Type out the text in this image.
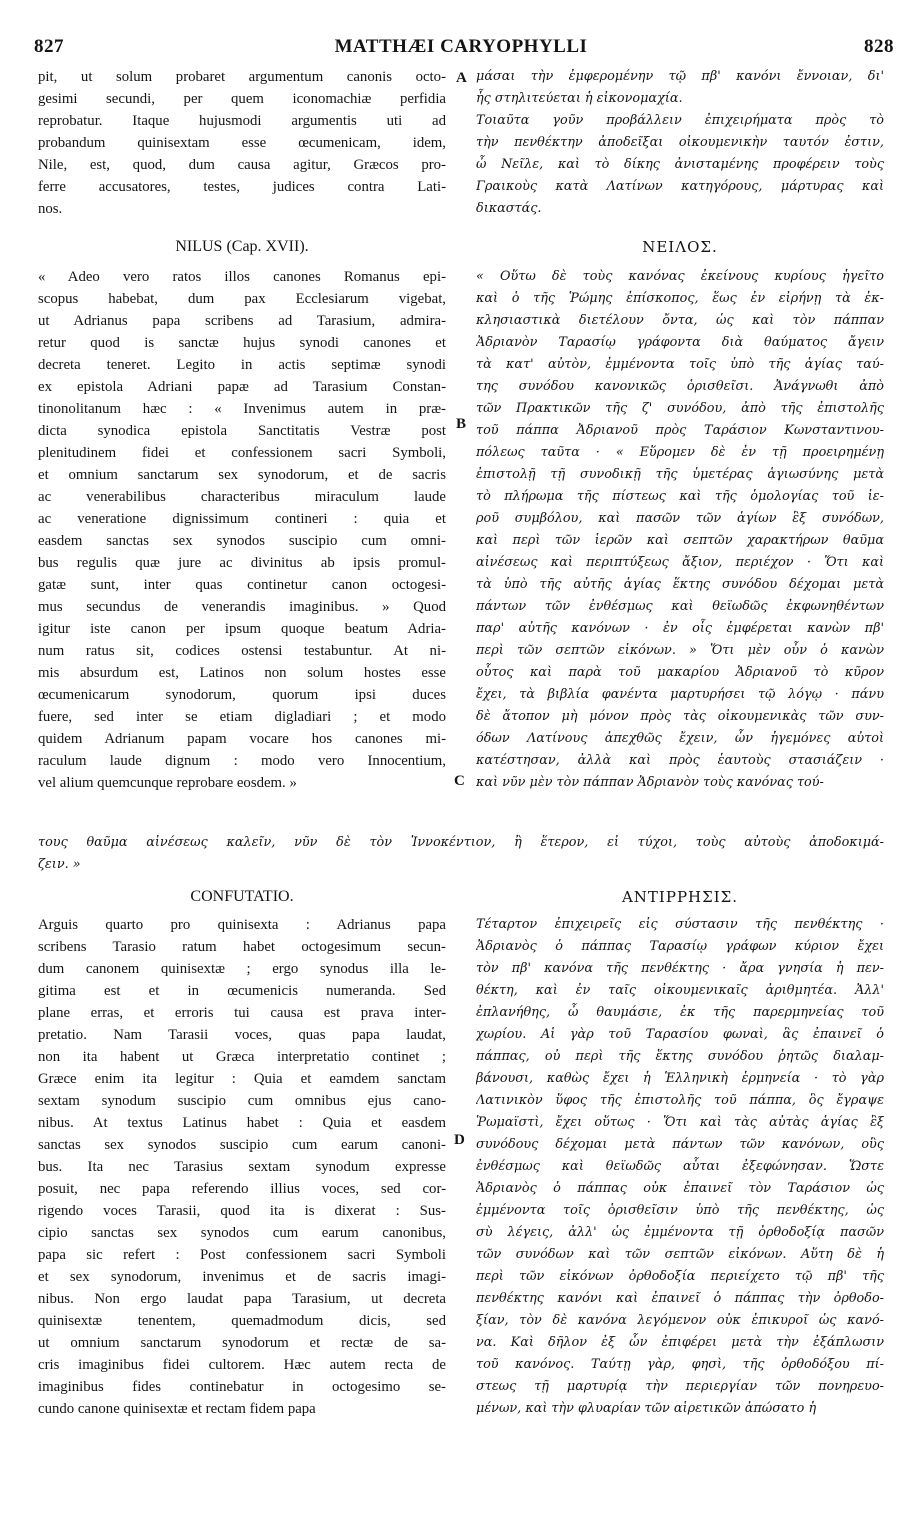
827	MATTHÆI CARYOPHYLLI	828
A
B
C
D
pit, ut solum probaret argumentum canonis octo-
gesimi secundi, per quem iconomachiæ perfidia
reprobatur. Itaque hujusmodi argumentis uti ad
probandum quinisextam esse œcumenicam, idem,
Nile, est, quod, dum causa agitur, Græcos pro-
ferre accusatores, testes, judices contra Lati-
nos.
μάσαι τὴν ἐμφερομένην τῷ πβ' κανόνι ἔννοιαν, δι'
ἧς στηλιτεύεται ἡ εἰκονομαχία.
Τοιαῦτα γοῦν προβάλλειν ἐπιχειρήματα πρὸς τὸ
τὴν πενθέκτην ἀποδεῖξαι οἰκουμενικὴν ταυτόν ἐστιν,
ὦ Νεῖλε, καὶ τὸ δίκης ἀνισταμένης προφέρειν τοὺς
Γραικοὺς κατὰ Λατίνων κατηγόρους, μάρτυρας καὶ
δικαστάς.
NILUS (Cap. XVII).	ΝΕΙΛΟΣ.
« Adeo vero ratos illos canones Romanus epi-
scopus habebat, dum pax Ecclesiarum vigebat,
ut Adrianus papa scribens ad Tarasium, admira-
retur quod is sanctæ hujus synodi canones et
decreta teneret. Legito in actis septimæ synodi
ex epistola Adriani papæ ad Tarasium Constan-
tinonolitanum hæc : « Invenimus autem in præ-
dicta synodica epistola Sanctitatis Vestræ post
plenitudinem fidei et confessionem sacri Symboli,
et omnium sanctarum sex synodorum, et de sacris
ac venerabilibus characteribus miraculum laude
ac veneratione dignissimum contineri : quia et
easdem sanctas sex synodos suscipio cum omni-
bus regulis quæ jure ac divinitus ab ipsis promul-
gatæ sunt, inter quas continetur canon octogesi-
mus secundus de venerandis imaginibus. » Quod
igitur iste canon per ipsum quoque beatum Adria-
num ratus sit, codices ostensi testabuntur. At ni-
mis absurdum est, Latinos non solum hostes esse
œcumenicarum synodorum, quorum ipsi duces
fuere, sed inter se etiam digladiari ; et modo
quidem Adrianum papam vocare hos canones mi-
raculum laude dignum : modo vero Innocentium,
vel alium quemcunque reprobare eosdem. »
« Οὕτω δὲ τοὺς κανόνας ἐκείνους κυρίους ἡγεῖτο
καὶ ὁ τῆς Ῥώμης ἐπίσκοπος, ἕως ἐν εἰρήνῃ τὰ ἐκ-
κλησιαστικὰ διετέλουν ὄντα, ὡς καὶ τὸν πάππαν
Ἀδριανὸν Ταρασίῳ γράφοντα διὰ θαύματος ἄγειν
τὰ κατ' αὐτὸν, ἐμμένοντα τοῖς ὑπὸ τῆς ἁγίας ταύ-
της συνόδου κανονικῶς ὁρισθεῖσι. Ἀνάγνωθι ἀπὸ
τῶν Πρακτικῶν τῆς ζ' συνόδου, ἀπὸ τῆς ἐπιστολῆς
τοῦ πάππα Ἀδριανοῦ πρὸς Ταράσιον Κωνσταντινου-
πόλεως ταῦτα · « Εὕρομεν δὲ ἐν τῇ προειρημένῃ
ἐπιστολῇ τῇ συνοδικῇ τῆς ὑμετέρας ἁγιωσύνης μετὰ
τὸ πλήρωμα τῆς πίστεως καὶ τῆς ὁμολογίας τοῦ ἱε-
ροῦ συμβόλου, καὶ πασῶν τῶν ἁγίων ἓξ συνόδων,
καὶ περὶ τῶν ἱερῶν καὶ σεπτῶν χαρακτήρων θαῦμα
αἰνέσεως καὶ περιπτύξεως ἄξιον, περιέχον · Ὅτι καὶ
τὰ ὑπὸ τῆς αὐτῆς ἁγίας ἕκτης συνόδου δέχομαι μετὰ
πάντων τῶν ἐνθέσμως καὶ θεϊωδῶς ἐκφωνηθέντων
παρ' αὐτῆς κανόνων · ἐν οἷς ἐμφέρεται κανὼν πβ'
περὶ τῶν σεπτῶν εἰκόνων. » Ὅτι μὲν οὖν ὁ κανὼν
οὗτος καὶ παρὰ τοῦ μακαρίου Ἀδριανοῦ τὸ κῦρον
ἔχει, τὰ βιβλία φανέντα μαρτυρήσει τῷ λόγῳ · πάνυ
δὲ ἄτοπον μὴ μόνον πρὸς τὰς οἰκουμενικὰς τῶν συν-
όδων Λατίνους ἀπεχθῶς ἔχειν, ὧν ἡγεμόνες αὐτοὶ
κατέστησαν, ἀλλὰ καὶ πρὸς ἑαυτοὺς στασιάζειν ·
καὶ νῦν μὲν τὸν πάππαν Ἀδριανὸν τοὺς κανόνας τού-
τους θαῦμα αἰνέσεως καλεῖν, νῦν δὲ τὸν Ἰννοκέντιον, ἢ ἕτερον, εἰ τύχοι, τοὺς αὐτοὺς ἀποδοκιμά-
ζειν. »
CONFUTATIO.	ΑΝΤΙΡΡΗΣΙΣ.
Arguis quarto pro quinisexta : Adrianus papa
scribens Tarasio ratum habet octogesimum secun-
dum canonem quinisextæ ; ergo synodus illa le-
gitima est et in œcumenicis numeranda. Sed
plane erras, et erroris tui causa est prava inter-
pretatio. Nam Tarasii voces, quas papa laudat,
non ita habent ut Græca interpretatio continet ;
Græce enim ita legitur : Quia et eamdem sanctam
sextam synodum suscipio cum omnibus ejus cano-
nibus. At textus Latinus habet : Quia et easdem
sanctas sex synodos suscipio cum earum canoni-
bus. Ita nec Tarasius sextam synodum expresse
posuit, nec papa referendo illius voces, sed cor-
rigendo voces Tarasii, quod ita is dixerat : Sus-
cipio sanctas sex synodos cum earum canonibus,
papa sic refert : Post confessionem sacri Symboli
et sex synodorum, invenimus et de sacris imagi-
nibus. Non ergo laudat papa Tarasium, ut decreta
quinisextæ tenentem, quemadmodum dicis, sed
ut omnium sanctarum synodorum et rectæ de sa-
cris imaginibus fidei cultorem. Hæc autem recta de
imaginibus fides continebatur in octogesimo se-
cundo canone quinisextæ et rectam fidem papa
Τέταρτον ἐπιχειρεῖς εἰς σύστασιν τῆς πενθέκτης ·
Ἀδριανὸς ὁ πάππας Ταρασίῳ γράφων κύριον ἔχει
τὸν πβ' κανόνα τῆς πενθέκτης · ἄρα γνησία ἡ πεν-
θέκτη, καὶ ἐν ταῖς οἰκουμενικαῖς ἀριθμητέα. Ἀλλ'
ἐπλανήθης, ὦ θαυμάσιε, ἐκ τῆς παρερμηνείας τοῦ
χωρίου. Αἱ γὰρ τοῦ Ταρασίου φωναὶ, ἃς ἐπαινεῖ ὁ
πάππας, οὐ περὶ τῆς ἕκτης συνόδου ῥητῶς διαλαμ-
βάνουσι, καθὼς ἔχει ἡ Ἑλληνικὴ ἑρμηνεία · τὸ γὰρ
Λατινικὸν ὕφος τῆς ἐπιστολῆς τοῦ πάππα, ὃς ἔγραψε
Ῥωμαϊστὶ, ἔχει οὕτως · Ὅτι καὶ τὰς αὐτὰς ἁγίας ἓξ
συνόδους δέχομαι μετὰ πάντων τῶν κανόνων, οὓς
ἐνθέσμως καὶ θεϊωδῶς αὗται ἐξεφώνησαν. Ὥστε
Ἀδριανὸς ὁ πάππας οὐκ ἐπαινεῖ τὸν Ταράσιον ὡς
ἐμμένοντα τοῖς ὁρισθεῖσιν ὑπὸ τῆς πενθέκτης, ὡς
σὺ λέγεις, ἀλλ' ὡς ἐμμένοντα τῇ ὀρθοδοξίᾳ πασῶν
τῶν συνόδων καὶ τῶν σεπτῶν εἰκόνων. Αὕτη δὲ ἡ
περὶ τῶν εἰκόνων ὀρθοδοξία περιείχετο τῷ πβ' τῆς
πενθέκτης κανόνι καὶ ἐπαινεῖ ὁ πάππας τὴν ὀρθοδο-
ξίαν, τὸν δὲ κανόνα λεγόμενον οὐκ ἐπικυροῖ ὡς κανό-
να. Καὶ δῆλον ἐξ ὧν ἐπιφέρει μετὰ τὴν ἐξάπλωσιν
τοῦ κανόνος. Ταύτῃ γὰρ, φησὶ, τῆς ὀρθοδόξου πί-
στεως τῇ μαρτυρίᾳ τὴν περιεργίαν τῶν πονηρευο-
μένων, καὶ τὴν φλυαρίαν τῶν αἱρετικῶν ἀπώσατο ἡ
